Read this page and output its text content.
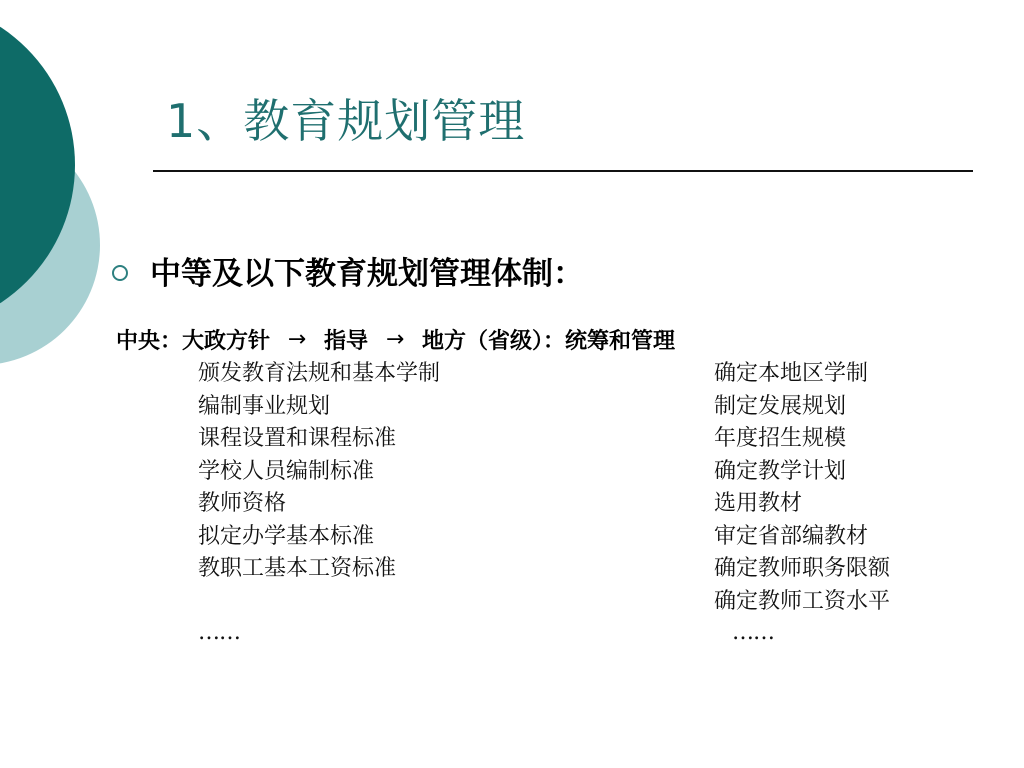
1、教育规划管理
中等及以下教育规划管理体制：
中央：大政方针 → 指导 → 地方（省级）：统筹和管理
颁发教育法规和基本学制
编制事业规划
课程设置和课程标准
学校人员编制标准
教师资格
拟定办学基本标准
教职工基本工资标准
确定本地区学制
制定发展规划
年度招生规模
确定教学计划
选用教材
审定省部编教材
确定教师职务限额
确定教师工资水平
……	……
